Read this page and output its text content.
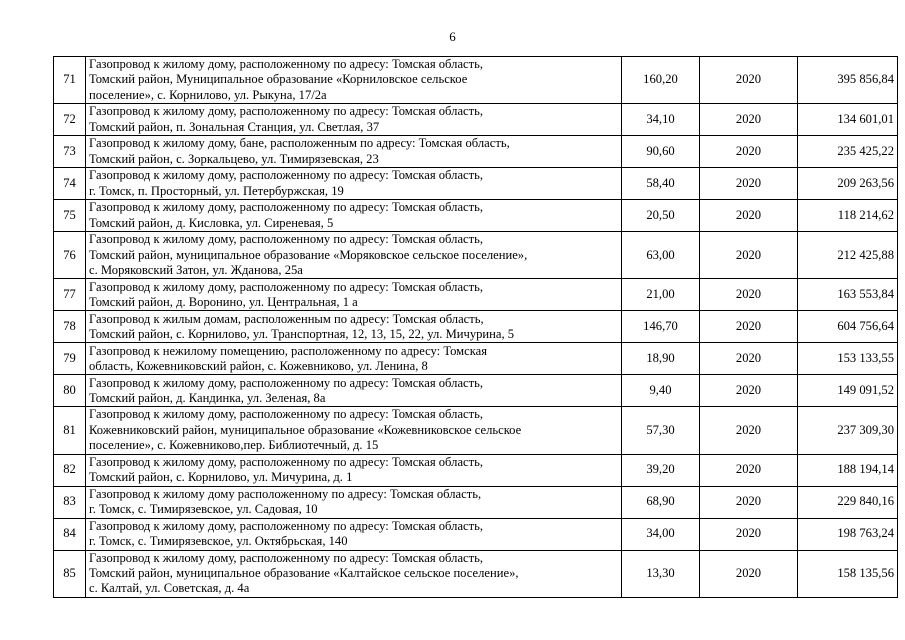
6
71	Газопровод к жилому дому, расположенному по адресу: Томская область,
Томский район, Муниципальное образование «Корниловское сельское
поселение», с. Корнилово, ул. Рыкуна, 17/2а	160,20	2020	395 856,84
72	Газопровод к жилому дому, расположенному по адресу: Томская область,
Томский район, п. Зональная Станция, ул. Светлая, 37	34,10	2020	134 601,01
73	Газопровод к жилому дому, бане, расположенным по адресу: Томская область,
Томский район, с. Зоркальцево, ул. Тимирязевская, 23	90,60	2020	235 425,22
74	Газопровод к жилому дому, расположенному по адресу: Томская область,
г. Томск, п. Просторный, ул. Петербуржская, 19	58,40	2020	209 263,56
75	Газопровод к жилому дому, расположенному по адресу: Томская область,
Томский район, д. Кисловка, ул. Сиреневая, 5	20,50	2020	118 214,62
76	Газопровод к жилому дому, расположенному по адресу: Томская область,
Томский район, муниципальное образование «Моряковское сельское поселение»,
с. Моряковский Затон, ул. Жданова, 25а	63,00	2020	212 425,88
77	Газопровод к жилому дому, расположенному по адресу: Томская область,
Томский район, д. Воронино, ул. Центральная, 1 а	21,00	2020	163 553,84
78	Газопровод к жилым домам, расположенным по адресу: Томская область,
Томский район, с. Корнилово, ул. Транспортная, 12, 13, 15, 22, ул. Мичурина, 5	146,70	2020	604 756,64
79	Газопровод к нежилому помещению, расположенному по адресу: Томская
область, Кожевниковский район, с. Кожевниково, ул. Ленина, 8	18,90	2020	153 133,55
80	Газопровод к жилому дому, расположенному по адресу: Томская область,
Томский район, д. Кандинка, ул. Зеленая, 8а	9,40	2020	149 091,52
81	Газопровод к жилому дому, расположенному по адресу: Томская область,
Кожевниковский район, муниципальное образование «Кожевниковское сельское
поселение», с. Кожевниково,пер. Библиотечный, д. 15	57,30	2020	237 309,30
82	Газопровод к жилому дому, расположенному по адресу: Томская область,
Томский район, с. Корнилово, ул. Мичурина, д. 1	39,20	2020	188 194,14
83	Газопровод к жилому дому расположенному по адресу: Томская область,
г. Томск, с. Тимирязевское, ул. Садовая, 10	68,90	2020	229 840,16
84	Газопровод к жилому дому, расположенному по адресу: Томская область,
г. Томск, с. Тимирязевское, ул. Октябрьская, 140	34,00	2020	198 763,24
85	Газопровод к жилому дому, расположенному по адресу: Томская область,
Томский район, муниципальное образование «Калтайское сельское поселение»,
с. Калтай, ул. Советская, д. 4а	13,30	2020	158 135,56
